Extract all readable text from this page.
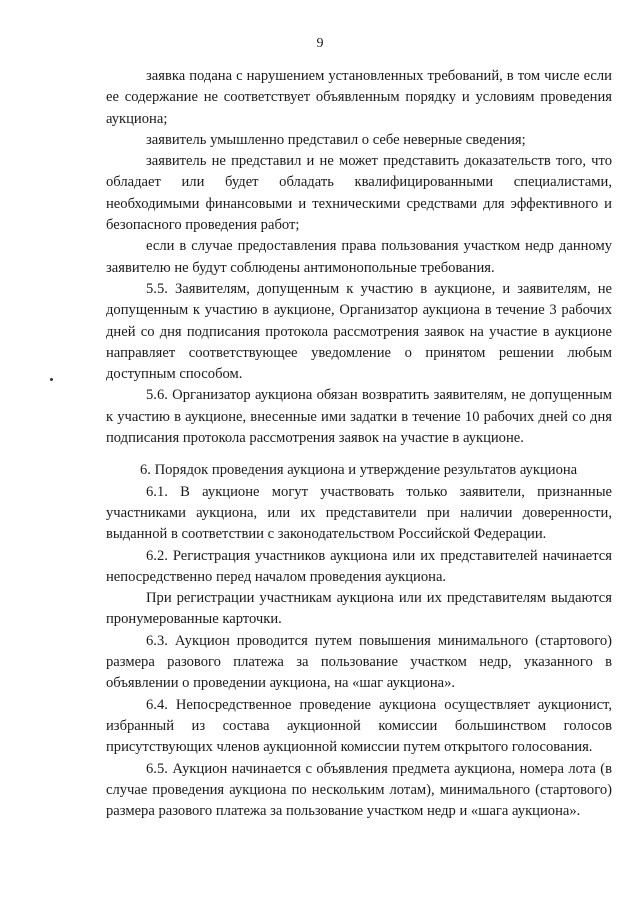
9

заявка подана с нарушением установленных требований, в том числе если ее содержание не соответствует объявленным порядку и условиям проведения аукциона;

заявитель умышленно представил о себе неверные сведения;

заявитель не представил и не может представить доказательств того, что обладает или будет обладать квалифицированными специалистами, необходимыми финансовыми и техническими средствами для эффективного и безопасного проведения работ;

если в случае предоставления права пользования участком недр данному заявителю не будут соблюдены антимонопольные требования.

5.5. Заявителям, допущенным к участию в аукционе, и заявителям, не допущенным к участию в аукционе, Организатор аукциона в течение 3 рабочих дней со дня подписания протокола рассмотрения заявок на участие в аукционе направляет соответствующее уведомление о принятом решении любым доступным способом.

5.6. Организатор аукциона обязан возвратить заявителям, не допущенным к участию в аукционе, внесенные ими задатки в течение 10 рабочих дней со дня подписания протокола рассмотрения заявок на участие в аукционе.

6. Порядок проведения аукциона и утверждение результатов аукциона

6.1. В аукционе могут участвовать только заявители, признанные участниками аукциона, или их представители при наличии доверенности, выданной в соответствии с законодательством Российской Федерации.

6.2. Регистрация участников аукциона или их представителей начинается непосредственно перед началом проведения аукциона.

При регистрации участникам аукциона или их представителям выдаются пронумерованные карточки.

6.3. Аукцион проводится путем повышения минимального (стартового) размера разового платежа за пользование участком недр, указанного в объявлении о проведении аукциона, на «шаг аукциона».

6.4. Непосредственное проведение аукциона осуществляет аукционист, избранный из состава аукционной комиссии большинством голосов присутствующих членов аукционной комиссии путем открытого голосования.

6.5. Аукцион начинается с объявления предмета аукциона, номера лота (в случае проведения аукциона по нескольким лотам), минимального (стартового) размера разового платежа за пользование участком недр и «шага аукциона».
